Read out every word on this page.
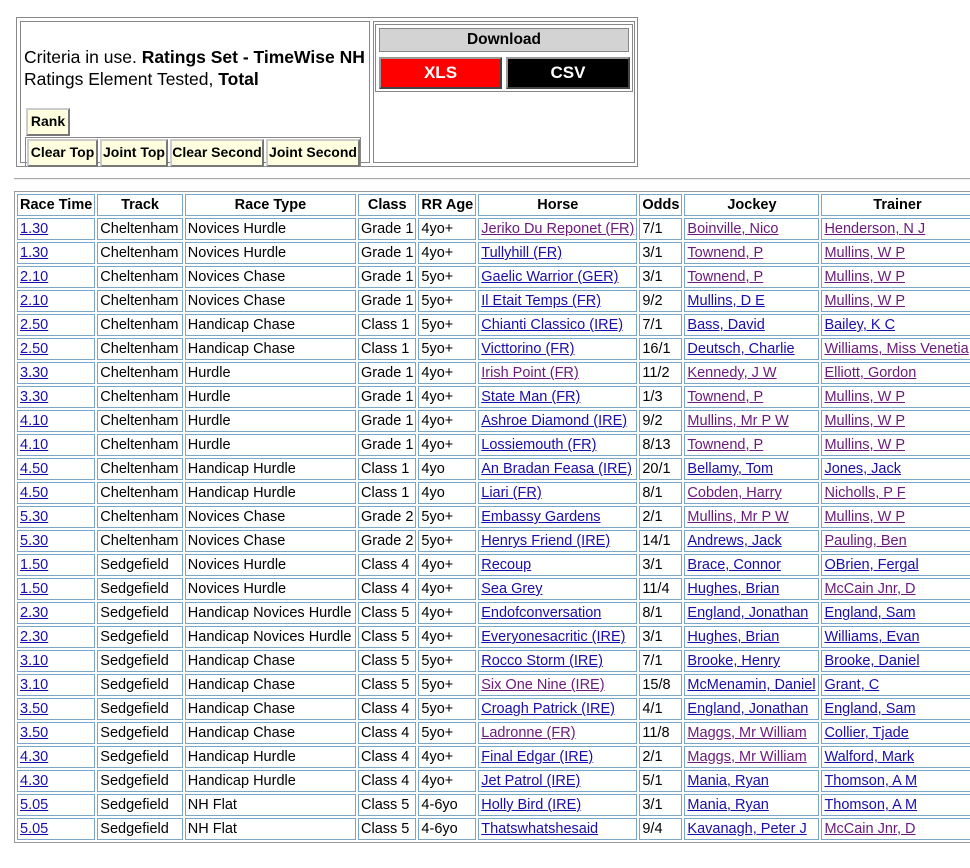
Criteria in use. Ratings Set - TimeWise NH
Ratings Element Tested, Total
Rank
Clear Top Joint Top Clear Second Joint Second
Download
XLS	CSV
Race Time	Track	Race Type	Class	RR Age	Horse	Odds	Jockey	Trainer	
1.30	Cheltenham	Novices Hurdle	Grade 1	4yo+	Jeriko Du Reponet (FR)	7/1	Boinville, Nico	Henderson, N J	
1.30	Cheltenham	Novices Hurdle	Grade 1	4yo+	Tullyhill (FR)	3/1	Townend, P	Mullins, W P	
2.10	Cheltenham	Novices Chase	Grade 1	5yo+	Gaelic Warrior (GER)	3/1	Townend, P	Mullins, W P	
2.10	Cheltenham	Novices Chase	Grade 1	5yo+	Il Etait Temps (FR)	9/2	Mullins, D E	Mullins, W P	
2.50	Cheltenham	Handicap Chase	Class 1	5yo+	Chianti Classico (IRE)	7/1	Bass, David	Bailey, K C	
2.50	Cheltenham	Handicap Chase	Class 1	5yo+	Victtorino (FR)	16/1	Deutsch, Charlie	Williams, Miss Venetia	
3.30	Cheltenham	Hurdle	Grade 1	4yo+	Irish Point (FR)	11/2	Kennedy, J W	Elliott, Gordon	
3.30	Cheltenham	Hurdle	Grade 1	4yo+	State Man (FR)	1/3	Townend, P	Mullins, W P	
4.10	Cheltenham	Hurdle	Grade 1	4yo+	Ashroe Diamond (IRE)	9/2	Mullins, Mr P W	Mullins, W P	
4.10	Cheltenham	Hurdle	Grade 1	4yo+	Lossiemouth (FR)	8/13	Townend, P	Mullins, W P	
4.50	Cheltenham	Handicap Hurdle	Class 1	4yo	An Bradan Feasa (IRE)	20/1	Bellamy, Tom	Jones, Jack	
4.50	Cheltenham	Handicap Hurdle	Class 1	4yo	Liari (FR)	8/1	Cobden, Harry	Nicholls, P F	
5.30	Cheltenham	Novices Chase	Grade 2	5yo+	Embassy Gardens	2/1	Mullins, Mr P W	Mullins, W P	
5.30	Cheltenham	Novices Chase	Grade 2	5yo+	Henrys Friend (IRE)	14/1	Andrews, Jack	Pauling, Ben	
1.50	Sedgefield	Novices Hurdle	Class 4	4yo+	Recoup	3/1	Brace, Connor	OBrien, Fergal	
1.50	Sedgefield	Novices Hurdle	Class 4	4yo+	Sea Grey	11/4	Hughes, Brian	McCain Jnr, D	
2.30	Sedgefield	Handicap Novices Hurdle	Class 5	4yo+	Endofconversation	8/1	England, Jonathan	England, Sam	
2.30	Sedgefield	Handicap Novices Hurdle	Class 5	4yo+	Everyonesacritic (IRE)	3/1	Hughes, Brian	Williams, Evan	
3.10	Sedgefield	Handicap Chase	Class 5	5yo+	Rocco Storm (IRE)	7/1	Brooke, Henry	Brooke, Daniel	
3.10	Sedgefield	Handicap Chase	Class 5	5yo+	Six One Nine (IRE)	15/8	McMenamin, Daniel	Grant, C	
3.50	Sedgefield	Handicap Chase	Class 4	5yo+	Croagh Patrick (IRE)	4/1	England, Jonathan	England, Sam	
3.50	Sedgefield	Handicap Chase	Class 4	5yo+	Ladronne (FR)	11/8	Maggs, Mr William	Collier, Tjade	
4.30	Sedgefield	Handicap Hurdle	Class 4	4yo+	Final Edgar (IRE)	2/1	Maggs, Mr William	Walford, Mark	
4.30	Sedgefield	Handicap Hurdle	Class 4	4yo+	Jet Patrol (IRE)	5/1	Mania, Ryan	Thomson, A M	
5.05	Sedgefield	NH Flat	Class 5	4-6yo	Holly Bird (IRE)	3/1	Mania, Ryan	Thomson, A M	
5.05	Sedgefield	NH Flat	Class 5	4-6yo	Thatswhatshesaid	9/4	Kavanagh, Peter J	McCain Jnr, D	
